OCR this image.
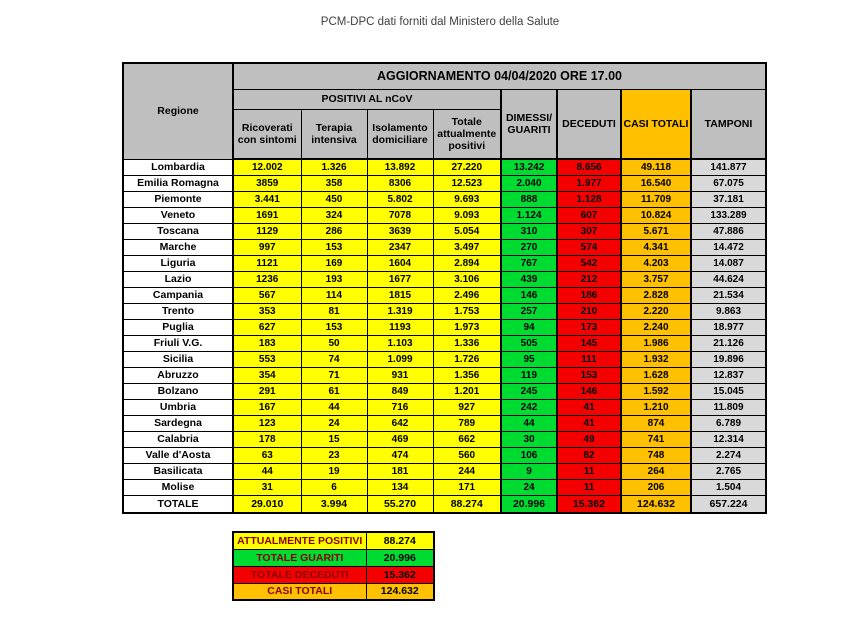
PCM-DPC dati forniti dal Ministero della Salute
Regione	AGGIORNAMENTO 04/04/2020 ORE 17.00							
	POSITIVI AL nCoV				DIMESSI/ GUARITI	DECEDUTI	CASI TOTALI	TAMPONI
	Ricoverati con sintomi	Terapia intensiva	Isolamento domiciliare	Totale attualmente positivi				
Lombardia	12.002	1.326	13.892	27.220	13.242	8.656	49.118	141.877
Emilia Romagna	3859	358	8306	12.523	2.040	1.977	16.540	67.075
Piemonte	3.441	450	5.802	9.693	888	1.128	11.709	37.181
Veneto	1691	324	7078	9.093	1.124	607	10.824	133.289
Toscana	1129	286	3639	5.054	310	307	5.671	47.886
Marche	997	153	2347	3.497	270	574	4.341	14.472
Liguria	1121	169	1604	2.894	767	542	4.203	14.087
Lazio	1236	193	1677	3.106	439	212	3.757	44.624
Campania	567	114	1815	2.496	146	186	2.828	21.534
Trento	353	81	1.319	1.753	257	210	2.220	9.863
Puglia	627	153	1193	1.973	94	173	2.240	18.977
Friuli V.G.	183	50	1.103	1.336	505	145	1.986	21.126
Sicilia	553	74	1.099	1.726	95	111	1.932	19.896
Abruzzo	354	71	931	1.356	119	153	1.628	12.837
Bolzano	291	61	849	1.201	245	146	1.592	15.045
Umbria	167	44	716	927	242	41	1.210	11.809
Sardegna	123	24	642	789	44	41	874	6.789
Calabria	178	15	469	662	30	49	741	12.314
Valle d'Aosta	63	23	474	560	106	82	748	2.274
Basilicata	44	19	181	244	9	11	264	2.765
Molise	31	6	134	171	24	11	206	1.504
TOTALE	29.010	3.994	55.270	88.274	20.996	15.362	124.632	657.224
ATTUALMENTE POSITIVI	88.274
TOTALE GUARITI	20.996
TOTALE DECEDUTI	15.362
CASI TOTALI	124.632
